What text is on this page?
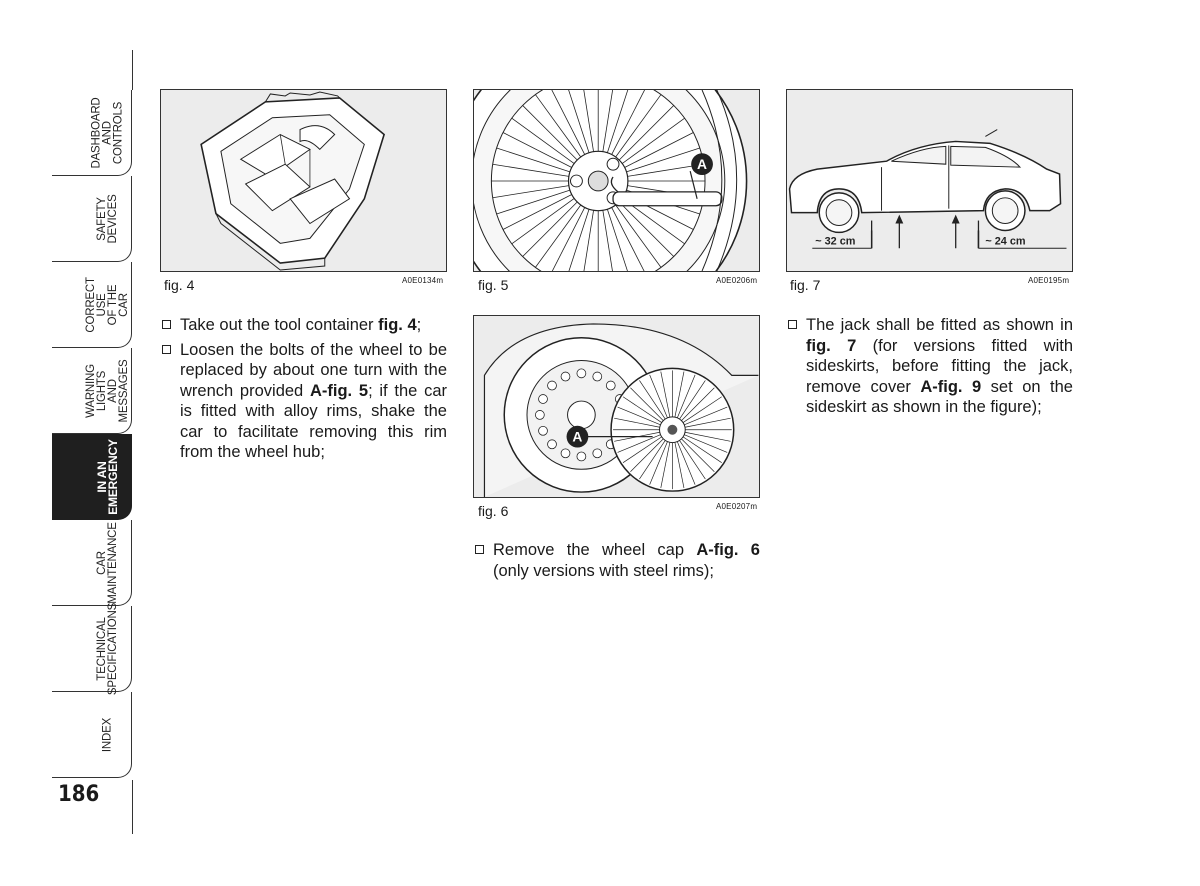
DASHBOARD
AND
CONTROLS
SAFETY
DEVICES
CORRECT USE
OF THE CAR
WARNING
LIGHTS AND
MESSAGES
IN AN
EMERGENCY
CAR
MAINTENANCE
TECHNICAL
SPECIFICATIONS
INDEX
186
fig. 4	A0E0134m
A
fig. 5	A0E0206m
A
fig. 6	A0E0207m
~ 32 cm	~ 24 cm
fig. 7	A0E0195m
Take out the tool container fig. 4;
Loosen the bolts of the wheel to be replaced by about one turn with the wrench provided A-fig. 5; if the car is fitted with alloy rims, shake the car to facilitate removing this rim from the wheel hub;
Remove the wheel cap A-fig. 6 (only versions with steel rims);
The jack shall be fitted as shown in fig. 7 (for versions fitted with sideskirts, before fitting the jack, remove cover A-fig. 9 set on the sideskirt as shown in the figure);
